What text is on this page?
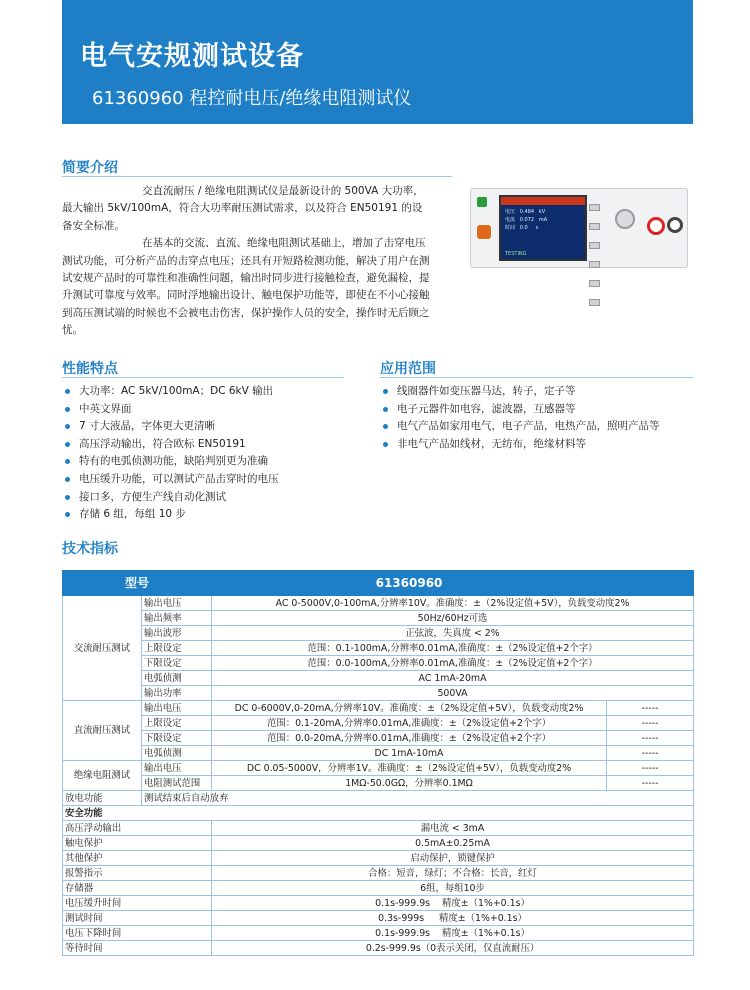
电气安规测试设备
61360960 程控耐电压/绝缘电阻测试仪
简要介绍

交直流耐压 / 绝缘电阻测试仪是最新设计的 500VA 大功率，最大输出 5kV/100mA，符合大功率耐压测试需求，以及符合 EN50191 的设备安全标准。

在基本的交流、直流、绝缘电阻测试基础上，增加了击穿电压测试功能，可分析产品的击穿点电压；还具有开短路检测功能，解决了用户在测试安规产品时的可靠性和准确性问题，输出时同步进行接触检查，避免漏检，提升测试可靠度与效率。同时浮地输出设计、触电保护功能等，即使在不小心接触到高压测试端的时候也不会被电击伤害，保护操作人员的安全，操作时无后顾之忧。

电压   0.484   kV
电流   0.072   mA
时间   0.0     s
TESTING

性能特点
大功率：AC 5kV/100mA；DC 6kV 输出
中英文界面
7 寸大液晶，字体更大更清晰
高压浮动输出，符合欧标 EN50191
特有的电弧侦测功能，缺陷判别更为准确
电压缓升功能，可以测试产品击穿时的电压
接口多，方便生产线自动化测试
存储 6 组，每组 10 步
应用范围
线圈器件如变压器马达，转子，定子等
电子元器件如电容，滤波器，互感器等
电气产品如家用电气，电子产品，电热产品，照明产品等
非电气产品如线材，无纺布，绝缘材料等
技术指标
型号		61360960	
交流耐压测试	输出电压	AC 0-5000V,0-100mA,分辨率10V。准确度：±（2%设定值+5V），负载变动度2%	
	输出频率	50Hz/60Hz可选	
	输出波形	正弦波，失真度 < 2%	
	上限设定	范围：0.1-100mA,分辨率0.01mA,准确度：±（2%设定值+2个字）	
	下限设定	范围：0.0-100mA,分辨率0.01mA,准确度：±（2%设定值+2个字）	
	电弧侦测	AC 1mA-20mA	
	输出功率	500VA	
直流耐压测试	输出电压	DC 0-6000V,0-20mA,分辨率10V。准确度：±（2%设定值+5V），负载变动度2%	-----
	上限设定	范围：0.1-20mA,分辨率0.01mA,准确度：±（2%设定值+2个字）	-----
	下限设定	范围：0.0-20mA,分辨率0.01mA,准确度：±（2%设定值+2个字）	-----
	电弧侦测	DC 1mA-10mA	-----
绝缘电阻测试	输出电压	DC 0.05-5000V，分辨率1V。准确度：±（2%设定值+5V），负载变动度2%	-----
	电阻测试范围	1MΩ-50.0GΩ，分辨率0.1MΩ	-----
放电功能	测试结束后自动放弃		
安全功能			
高压浮动输出		漏电流 < 3mA	
触电保护		0.5mA±0.25mA	
其他保护		启动保护，锁键保护	
报警指示		合格：短音，绿灯；不合格：长音，红灯	
存储器		6组，每组10步	
电压缓升时间		0.1s-999.9s    精度±（1%+0.1s）	
测试时间		0.3s-999s     精度±（1%+0.1s）	
电压下降时间		0.1s-999.9s    精度±（1%+0.1s）	
等待时间		0.2s-999.9s（0表示关闭，仅直流耐压）	
